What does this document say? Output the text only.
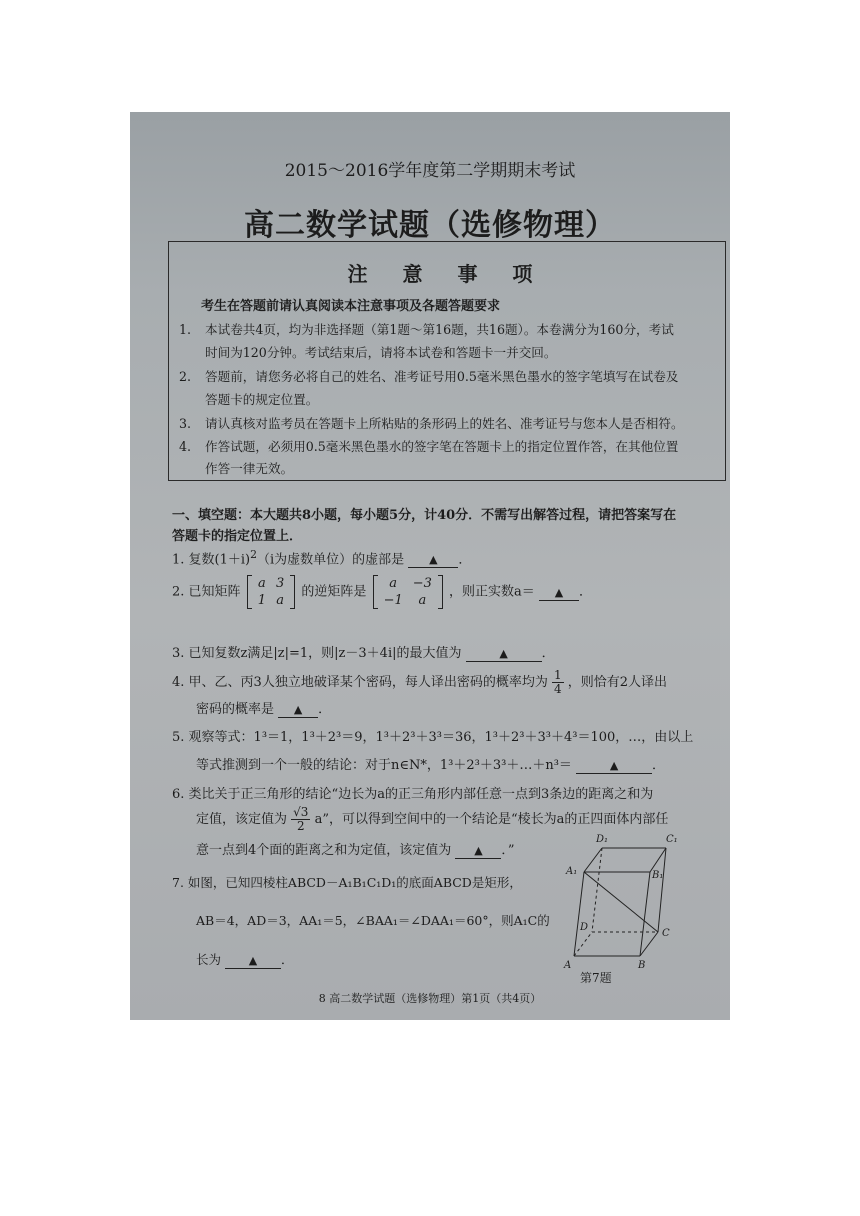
2015～2016学年度第二学期期末考试
高二数学试题（选修物理）
注 意 事 项
考生在答题前请认真阅读本注意事项及各题答题要求
1. 本试卷共4页，均为非选择题（第1题～第16题，共16题）。本卷满分为160分，考试
时间为120分钟。考试结束后，请将本试卷和答题卡一并交回。
2. 答题前，请您务必将自己的姓名、准考证号用0.5毫米黑色墨水的签字笔填写在试卷及
答题卡的规定位置。
3. 请认真核对监考员在答题卡上所粘贴的条形码上的姓名、准考证号与您本人是否相符。
4. 作答试题，必须用0.5毫米黑色墨水的签字笔在答题卡上的指定位置作答，在其他位置
作答一律无效。
一、填空题：本大题共8小题，每小题5分，计40分．不需写出解答过程，请把答案写在
答题卡的指定位置上．
1. 复数$(1+i)^2(i$为虚数单位）的虚部是 ▲ ．
2. 已知矩阵
a	3
1	a
的逆矩阵是
a	−3
−1	a
，则正实数a＝ ▲ ．
3. 已知复数z满足|z|=1，则|z－3＋4i|的最大值为	▲	．
4. 甲、乙、丙3人独立地破译某个密码，每人译出密码的概率均为 $\frac{1}{4}$ ，则恰有2人译出
密码的概率是 ▲ ．
5. 观察等式：1³＝1，1³＋2³＝9，1³＋2³＋3³＝36，1³＋2³＋3³＋4³＝100，…，由以上
等式推测到一个一般的结论：对于n∈N*，1³＋2³＋3³＋…＋n³＝	▲	．
6. 类比关于正三角形的结论“边长为a的正三角形内部任意一点到3条边的距离之和为
定值，该定值为 $\frac{√3}{2} a$”，可以得到空间中的一个结论是“棱长为a的正四面体内部任
意一点到4个面的距离之和为定值，该定值为 ▲ ．”
7. 如图，已知四棱柱ABCD－A₁B₁C₁D₁的底面ABCD是矩形，
AB＝4，AD＝3，AA₁＝5，∠BAA₁＝∠DAA₁＝60°，则A₁C的
长为	▲ ．
D₁	C₁
A₁	B₁
D
C
A	B
第7题
8 高二数学试题（选修物理）第1页（共4页）
